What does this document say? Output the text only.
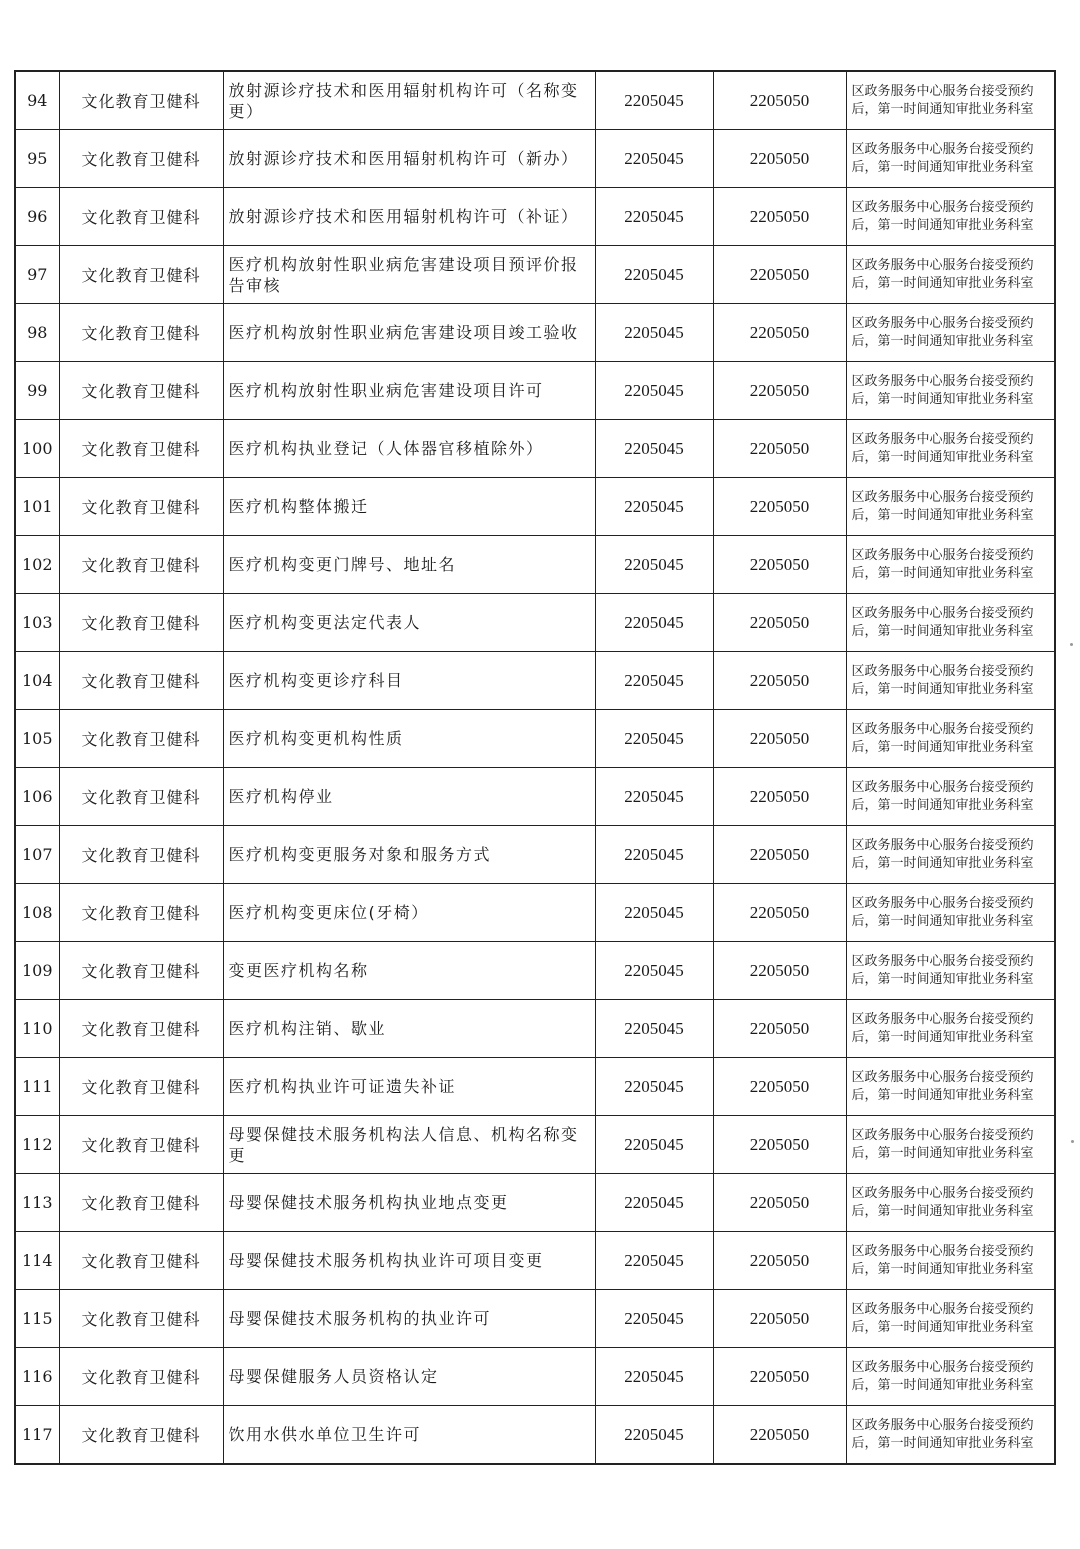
94	文化教育卫健科	放射源诊疗技术和医用辐射机构许可（名称变更）	2205045	2205050	区政务服务中心服务台接受预约后，第一时间通知审批业务科室
95	文化教育卫健科	放射源诊疗技术和医用辐射机构许可（新办）	2205045	2205050	区政务服务中心服务台接受预约后，第一时间通知审批业务科室
96	文化教育卫健科	放射源诊疗技术和医用辐射机构许可（补证）	2205045	2205050	区政务服务中心服务台接受预约后，第一时间通知审批业务科室
97	文化教育卫健科	医疗机构放射性职业病危害建设项目预评价报告审核	2205045	2205050	区政务服务中心服务台接受预约后，第一时间通知审批业务科室
98	文化教育卫健科	医疗机构放射性职业病危害建设项目竣工验收	2205045	2205050	区政务服务中心服务台接受预约后，第一时间通知审批业务科室
99	文化教育卫健科	医疗机构放射性职业病危害建设项目许可	2205045	2205050	区政务服务中心服务台接受预约后，第一时间通知审批业务科室
100	文化教育卫健科	医疗机构执业登记（人体器官移植除外）	2205045	2205050	区政务服务中心服务台接受预约后，第一时间通知审批业务科室
101	文化教育卫健科	医疗机构整体搬迁	2205045	2205050	区政务服务中心服务台接受预约后，第一时间通知审批业务科室
102	文化教育卫健科	医疗机构变更门牌号、地址名	2205045	2205050	区政务服务中心服务台接受预约后，第一时间通知审批业务科室
103	文化教育卫健科	医疗机构变更法定代表人	2205045	2205050	区政务服务中心服务台接受预约后，第一时间通知审批业务科室
104	文化教育卫健科	医疗机构变更诊疗科目	2205045	2205050	区政务服务中心服务台接受预约后，第一时间通知审批业务科室
105	文化教育卫健科	医疗机构变更机构性质	2205045	2205050	区政务服务中心服务台接受预约后，第一时间通知审批业务科室
106	文化教育卫健科	医疗机构停业	2205045	2205050	区政务服务中心服务台接受预约后，第一时间通知审批业务科室
107	文化教育卫健科	医疗机构变更服务对象和服务方式	2205045	2205050	区政务服务中心服务台接受预约后，第一时间通知审批业务科室
108	文化教育卫健科	医疗机构变更床位(牙椅）	2205045	2205050	区政务服务中心服务台接受预约后，第一时间通知审批业务科室
109	文化教育卫健科	变更医疗机构名称	2205045	2205050	区政务服务中心服务台接受预约后，第一时间通知审批业务科室
110	文化教育卫健科	医疗机构注销、歇业	2205045	2205050	区政务服务中心服务台接受预约后，第一时间通知审批业务科室
111	文化教育卫健科	医疗机构执业许可证遗失补证	2205045	2205050	区政务服务中心服务台接受预约后，第一时间通知审批业务科室
112	文化教育卫健科	母婴保健技术服务机构法人信息、机构名称变更	2205045	2205050	区政务服务中心服务台接受预约后，第一时间通知审批业务科室
113	文化教育卫健科	母婴保健技术服务机构执业地点变更	2205045	2205050	区政务服务中心服务台接受预约后，第一时间通知审批业务科室
114	文化教育卫健科	母婴保健技术服务机构执业许可项目变更	2205045	2205050	区政务服务中心服务台接受预约后，第一时间通知审批业务科室
115	文化教育卫健科	母婴保健技术服务机构的执业许可	2205045	2205050	区政务服务中心服务台接受预约后，第一时间通知审批业务科室
116	文化教育卫健科	母婴保健服务人员资格认定	2205045	2205050	区政务服务中心服务台接受预约后，第一时间通知审批业务科室
117	文化教育卫健科	饮用水供水单位卫生许可	2205045	2205050	区政务服务中心服务台接受预约后，第一时间通知审批业务科室
